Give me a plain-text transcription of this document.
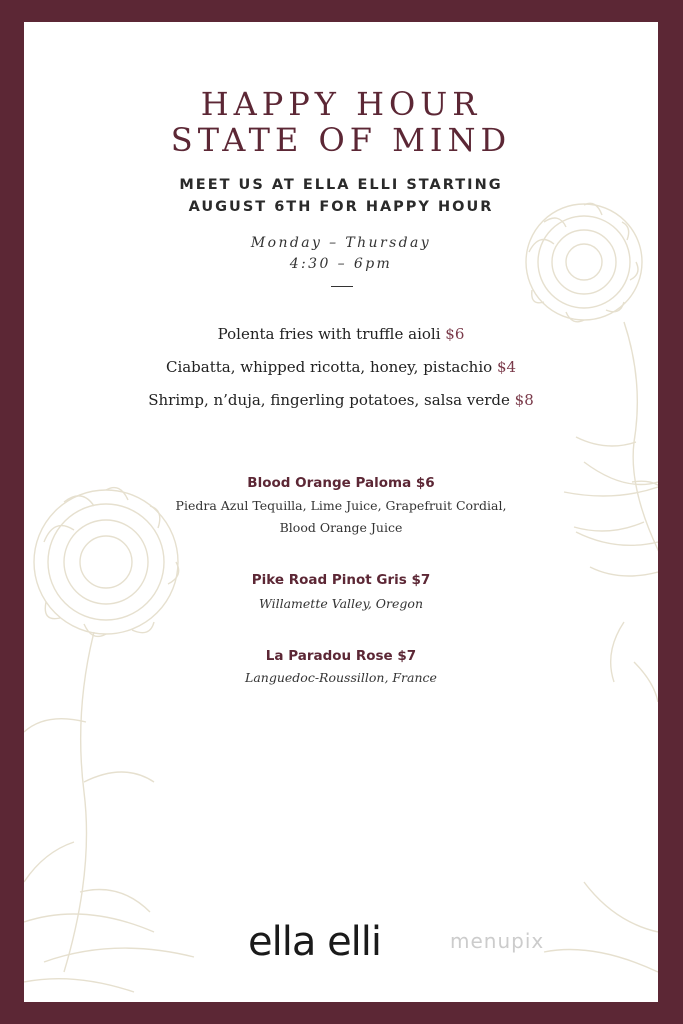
HAPPY HOUR
STATE OF MIND
MEET US AT ELLA ELLI STARTING
AUGUST 6TH FOR HAPPY HOUR
Monday – Thursday
4:30 – 6pm
Polenta fries with truffle aioli $6
Ciabatta, whipped ricotta, honey, pistachio $4
Shrimp, n’duja, fingerling potatoes, salsa verde $8
Blood Orange Paloma $6
Piedra Azul Tequilla, Lime Juice, Grapefruit Cordial,
Blood Orange Juice
Pike Road Pinot Gris $7
Willamette Valley, Oregon
La Paradou Rose $7
Languedoc-Roussillon, France
ella elli	menupix
